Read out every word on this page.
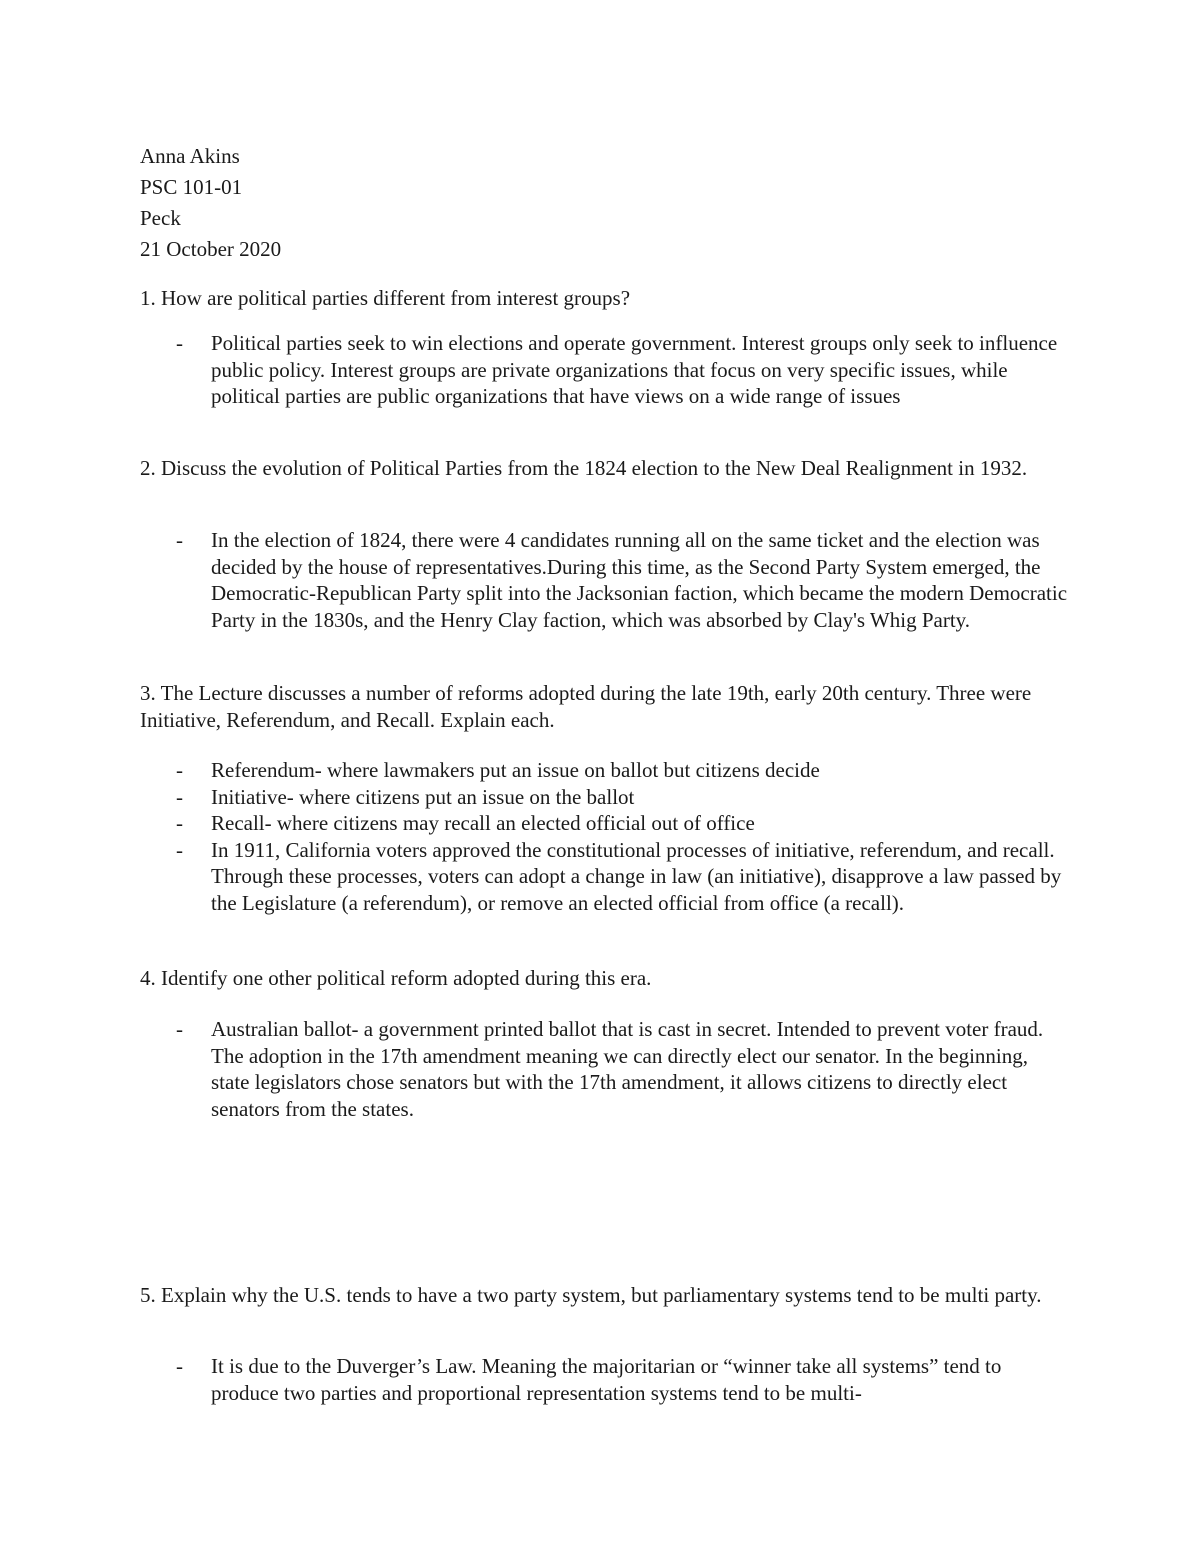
Anna Akins

PSC 101-01

Peck

21 October 2020

1. How are political parties different from interest groups?

- Political parties seek to win elections and operate government. Interest groups only seek to influence public policy. Interest groups are private organizations that focus on very specific issues, while political parties are public organizations that have views on a wide range of issues

2. Discuss the evolution of Political Parties from the 1824 election to the New Deal Realignment in 1932.

- In the election of 1824, there were 4 candidates running all on the same ticket and the election was decided by the house of representatives.During this time, as the Second Party System emerged, the Democratic-Republican Party split into the Jacksonian faction, which became the modern Democratic Party in the 1830s, and the Henry Clay faction, which was absorbed by Clay's Whig Party.

3. The Lecture discusses a number of reforms adopted during the late 19th, early 20th century. Three were Initiative, Referendum, and Recall. Explain each.

- Referendum- where lawmakers put an issue on ballot but citizens decide
- Initiative- where citizens put an issue on the ballot
- Recall- where citizens may recall an elected official out of office
- In 1911, California voters approved the constitutional processes of initiative, referendum, and recall. Through these processes, voters can adopt a change in law (an initiative), disapprove a law passed by the Legislature (a referendum), or remove an elected official from office (a recall).

4. Identify one other political reform adopted during this era.

- Australian ballot- a government printed ballot that is cast in secret. Intended to prevent voter fraud. The adoption in the 17th amendment meaning we can directly elect our senator. In the beginning, state legislators chose senators but with the 17th amendment, it allows citizens to directly elect senators from the states.

5. Explain why the U.S. tends to have a two party system, but parliamentary systems tend to be multi party.

- It is due to the Duverger’s Law. Meaning the majoritarian or “winner take all systems” tend to produce two parties and proportional representation systems tend to be multi-
